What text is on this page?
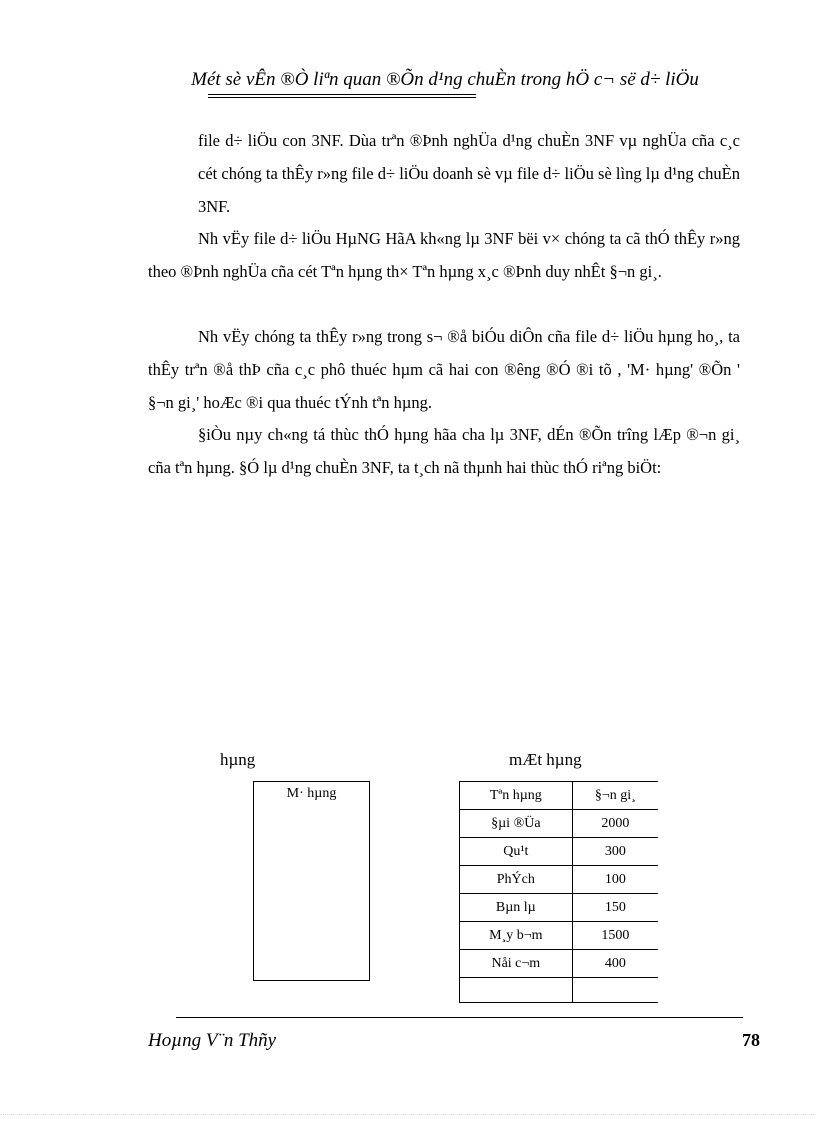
Mét sè vÊn ®Ò liªn quan ®Õn d¹ng chuÈn trong hÖ c¬ së d÷ liÖu

file d÷ liÖu con 3NF. Dùa trªn ®Þnh nghÜa d¹ng chuÈn 3NF vµ nghÜa cña c¸c cét chóng ta thÊy r»ng file d÷ liÖu doanh sè vµ file d÷ liÖu sè lìng lµ d¹ng chuÈn 3NF.

Nh vËy file d÷ liÖu HµNG HãA kh«ng lµ 3NF bëi v× chóng ta cã thÓ thÊy r»ng theo ®Þnh nghÜa cña cét Tªn hµng th× Tªn hµng x¸c ®Þnh duy nhÊt §¬n gi¸.

Nh vËy chóng ta thÊy r»ng trong s¬ ®å biÓu diÔn cña file d÷ liÖu hµng ho¸, ta thÊy trªn ®å thÞ cña c¸c phô thuéc hµm cã hai con ®êng ®Ó ®i tõ , 'M· hµng' ®Õn ' §¬n gi¸' hoÆc ®i qua thuéc tÝnh tªn hµng.

§iÒu nµy ch«ng tá thùc thÓ hµng hãa cha lµ 3NF, dÉn ®Õn trîng lÆp ®¬n gi¸ cña tªn hµng. §Ó lµ d¹ng chuÈn 3NF, ta t¸ch nã thµnh hai thùc thÓ riªng biÖt:

hµng	mÆt hµng
M· hµng	Tªn hµng	§¬n gi¸
§µi ®Üa	2000
Qu¹t	300
PhÝch	100
Bµn lµ	150
M¸y b¬m	1500
Nåi c¬m	400

Hoµng V¨n Thñy	78
